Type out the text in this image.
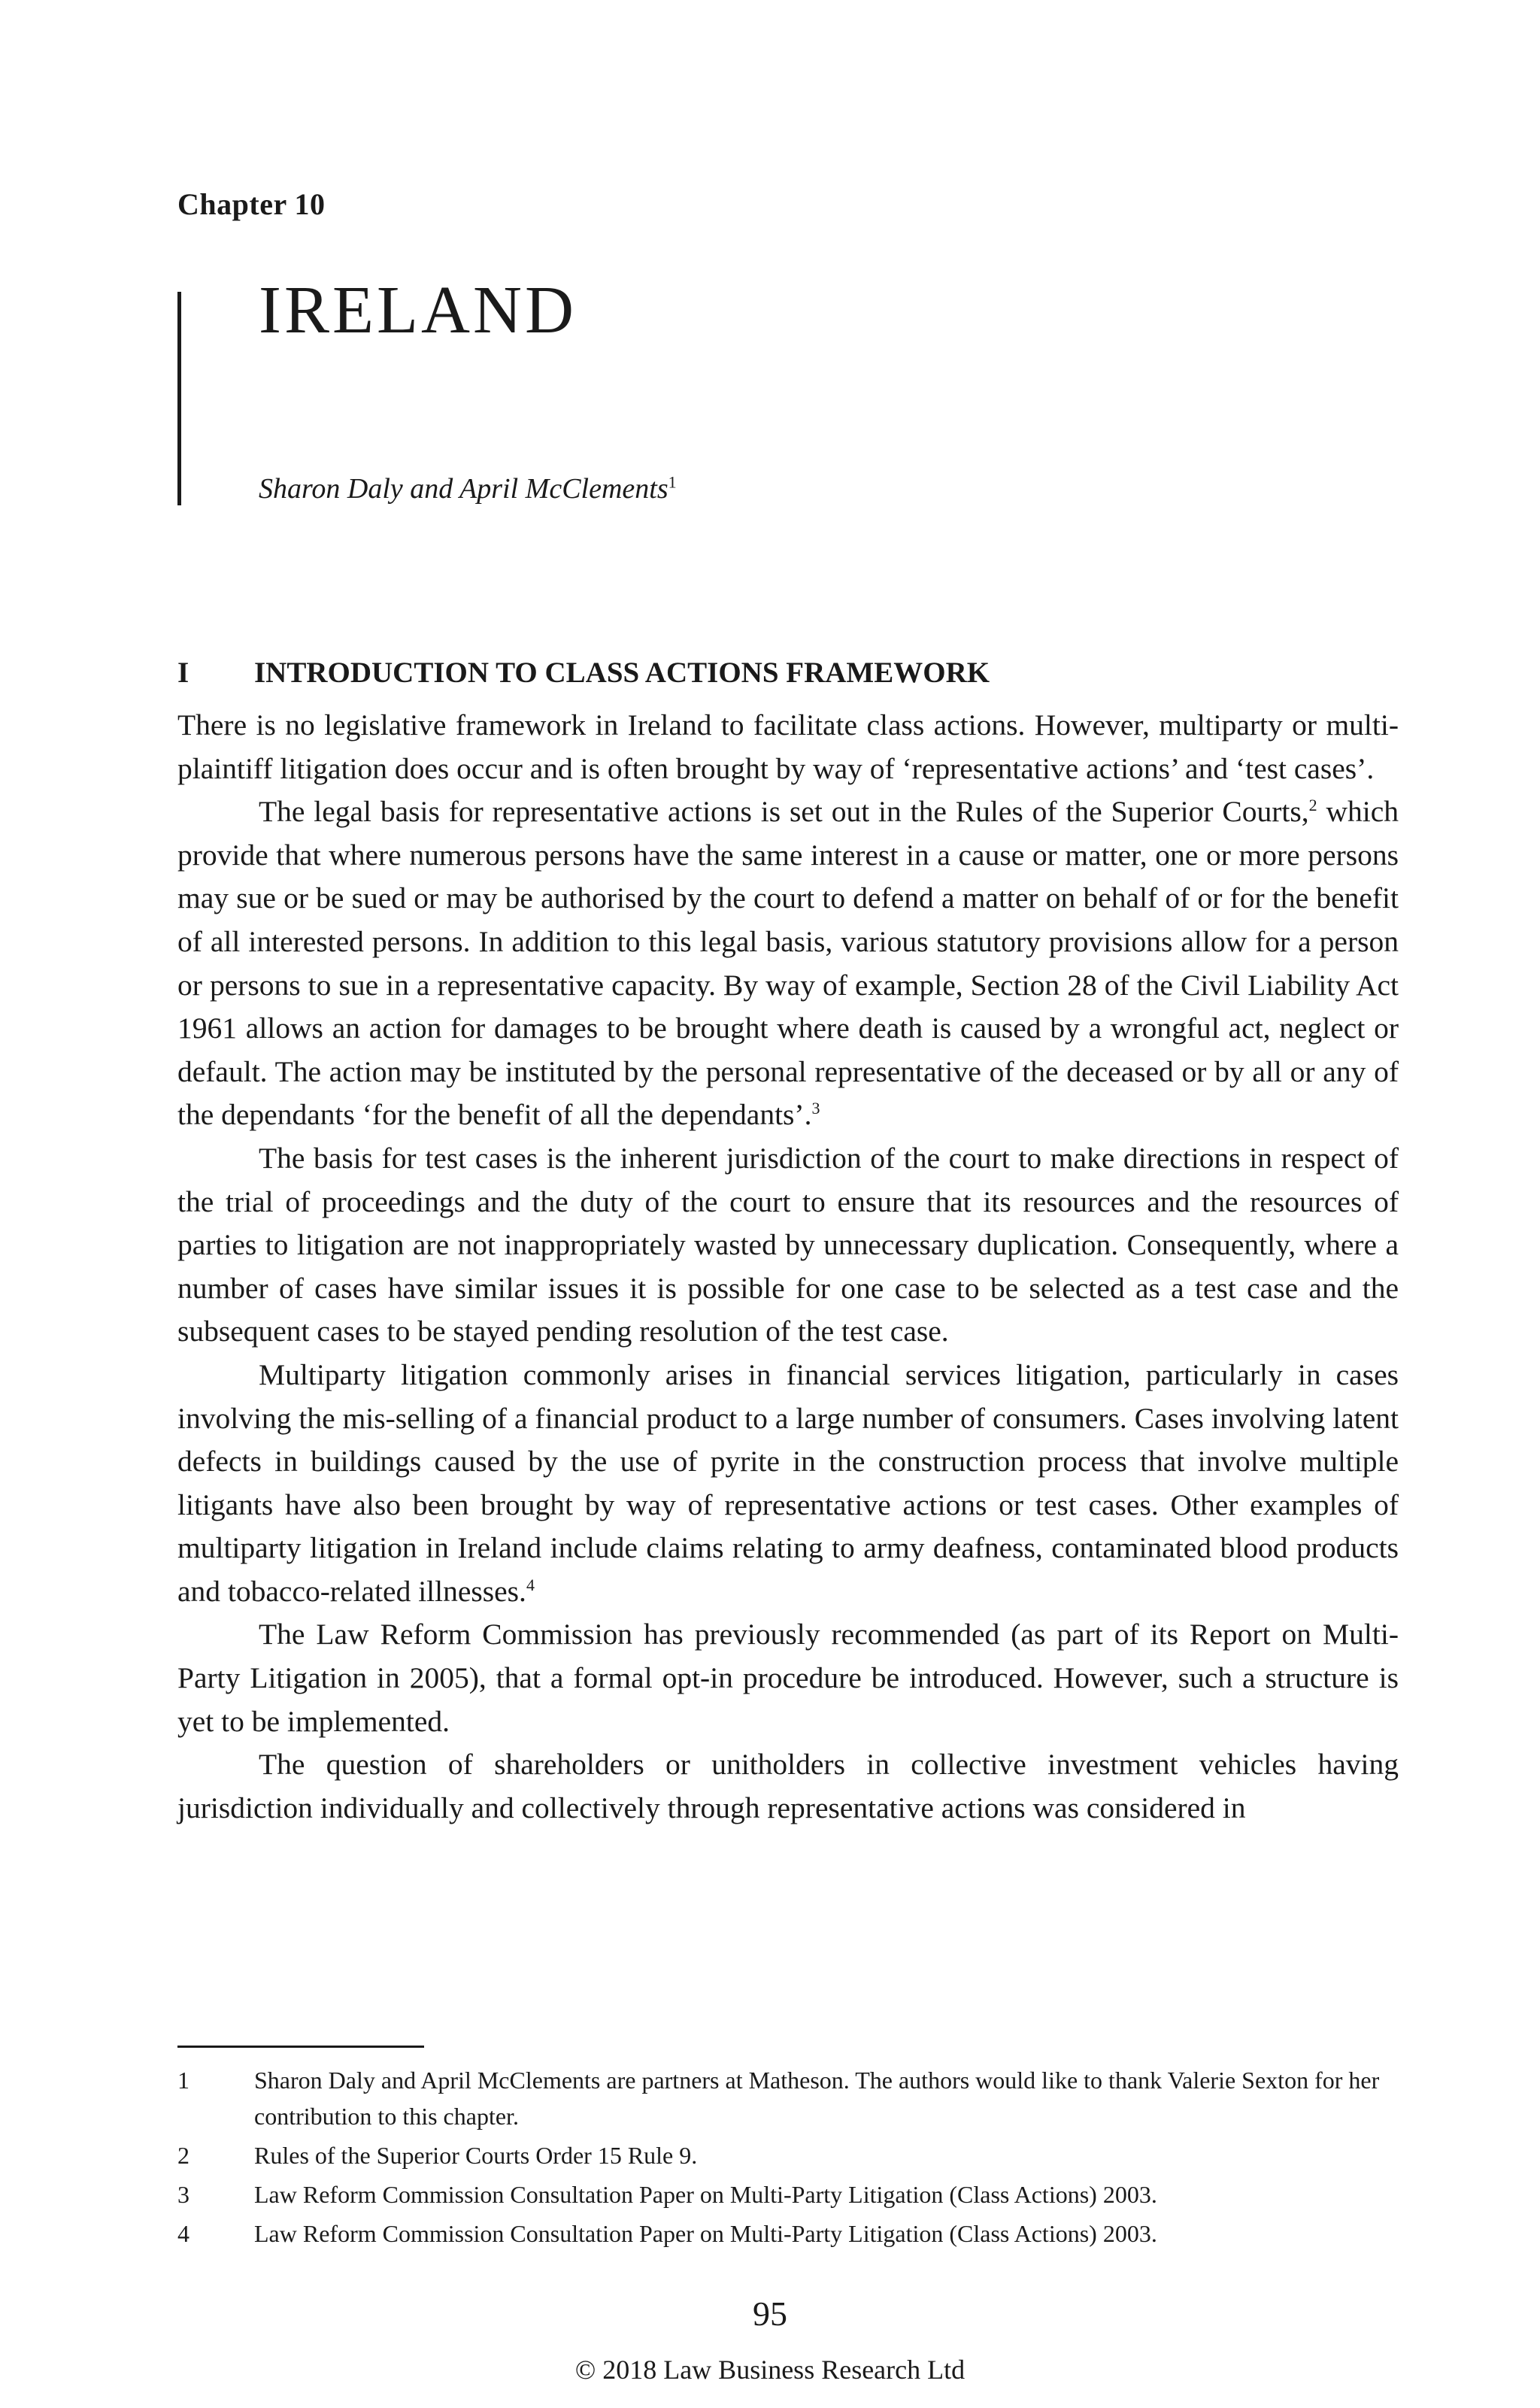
Chapter 10
IRELAND
Sharon Daly and April McClements$^1$
I	INTRODUCTION TO CLASS ACTIONS FRAMEWORK

There is no legislative framework in Ireland to facilitate class actions. However, multiparty or multi-plaintiff litigation does occur and is often brought by way of ‘representative actions’ and ‘test cases’.

The legal basis for representative actions is set out in the Rules of the Superior Courts,$^2$ which provide that where numerous persons have the same interest in a cause or matter, one or more persons may sue or be sued or may be authorised by the court to defend a matter on behalf of or for the benefit of all interested persons. In addition to this legal basis, various statutory provisions allow for a person or persons to sue in a representative capacity. By way of example, Section 28 of the Civil Liability Act 1961 allows an action for damages to be brought where death is caused by a wrongful act, neglect or default. The action may be instituted by the personal representative of the deceased or by all or any of the dependants ‘for the benefit of all the dependants’.$^3$

The basis for test cases is the inherent jurisdiction of the court to make directions in respect of the trial of proceedings and the duty of the court to ensure that its resources and the resources of parties to litigation are not inappropriately wasted by unnecessary duplication. Consequently, where a number of cases have similar issues it is possible for one case to be selected as a test case and the subsequent cases to be stayed pending resolution of the test case.

Multiparty litigation commonly arises in financial services litigation, particularly in cases involving the mis-selling of a financial product to a large number of consumers. Cases involving latent defects in buildings caused by the use of pyrite in the construction process that involve multiple litigants have also been brought by way of representative actions or test cases. Other examples of multiparty litigation in Ireland include claims relating to army deafness, contaminated blood products and tobacco-related illnesses.$^4$

The Law Reform Commission has previously recommended (as part of its Report on Multi-Party Litigation in 2005), that a formal opt-in procedure be introduced. However, such a structure is yet to be implemented.

The question of shareholders or unitholders in collective investment vehicles having jurisdiction individually and collectively through representative actions was considered in

1	Sharon Daly and April McClements are partners at Matheson. The authors would like to thank Valerie Sexton for her contribution to this chapter.
2	Rules of the Superior Courts Order 15 Rule 9.
3	Law Reform Commission Consultation Paper on Multi-Party Litigation (Class Actions) 2003.
4	Law Reform Commission Consultation Paper on Multi-Party Litigation (Class Actions) 2003.
95
© 2018 Law Business Research Ltd
